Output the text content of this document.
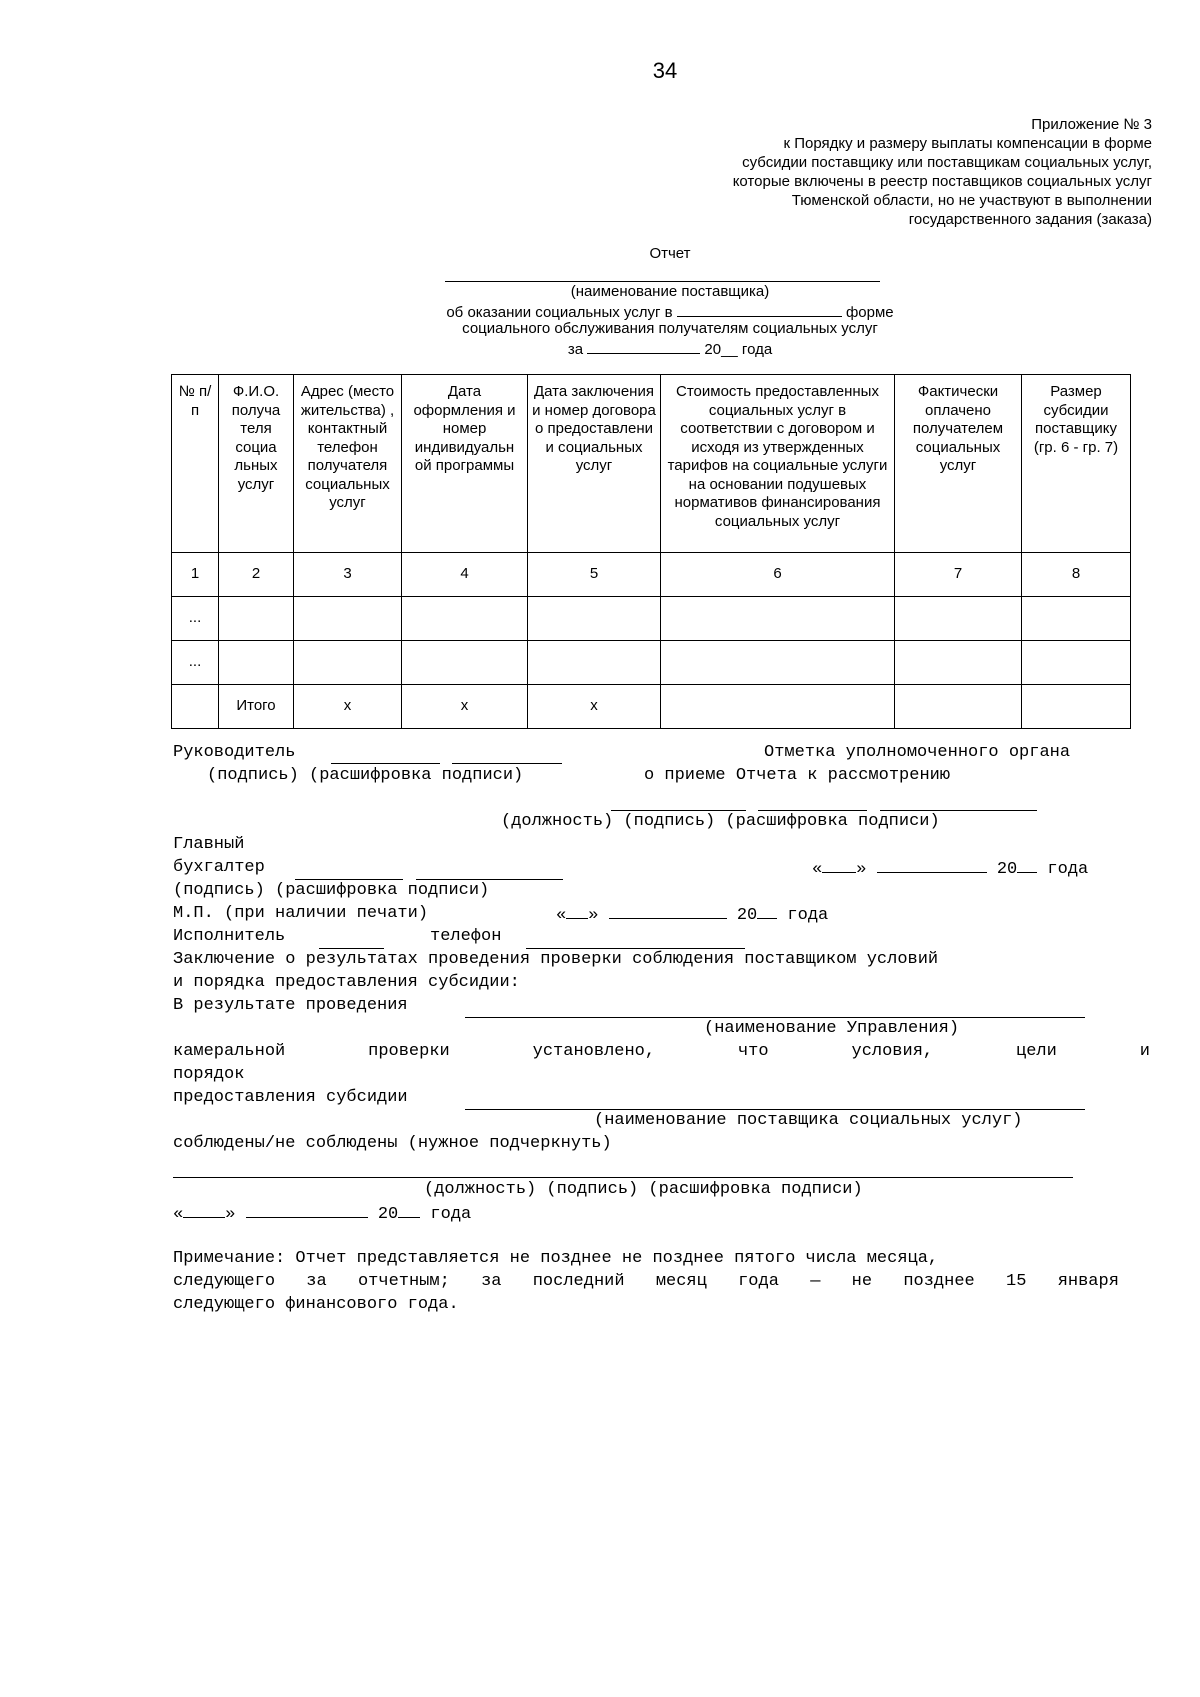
34
Приложение № 3
к Порядку и размеру выплаты компенсации в форме
субсидии поставщику или поставщикам социальных услуг,
которые включены в реестр поставщиков социальных услуг
Тюменской области, но не участвуют в выполнении
государственного задания (заказа)
Отчет
(наименование поставщика)
об оказании социальных услуг в	форме
социального обслуживания получателям социальных услуг
за	20__ года
№ п/п	Ф.И.О. получа теля социа льных услуг	Адрес (место жительства) , контактный телефон получателя социальных услуг	Дата оформления и номер индивидуальн ой программы	Дата заключения и номер договора о предоставлени и социальных услуг	Стоимость предоставленных социальных услуг в соответствии с договором и исходя из утвержденных тарифов на социальные услуги на основании подушевых нормативов финансирования социальных услуг	Фактически оплачено получателем социальных услуг	Размер субсидии поставщику (гр. 6 - гр. 7)
1	2	3	4	5	6	7	8
...							
...							
	Итого	x	x	x			
Руководитель
(подпись) (расшифровка подписи)
Отметка уполномоченного органа
о приеме Отчета к рассмотрению
(должность) (подпись) (расшифровка подписи)
Главный
бухгалтер	« »	20 года
(подпись) (расшифровка подписи)
М.П. (при наличии печати)	« »	20 года
Исполнитель	телефон
Заключение о результатах проведения проверки соблюдения поставщиком условий
и порядка предоставления субсидии:
В результате проведения
(наименование Управления)
камеральной	проверки	установлено,	что	условия,	цели	и
порядок
предоставления субсидии
(наименование поставщика социальных услуг)
соблюдены/не соблюдены (нужное подчеркнуть)
(должность) (подпись) (расшифровка подписи)
« »	20 года
Примечание: Отчет представляется не позднее не позднее пятого числа месяца,
следующего за отчетным; за последний месяц года — не позднее 15 января
следующего финансового года.
